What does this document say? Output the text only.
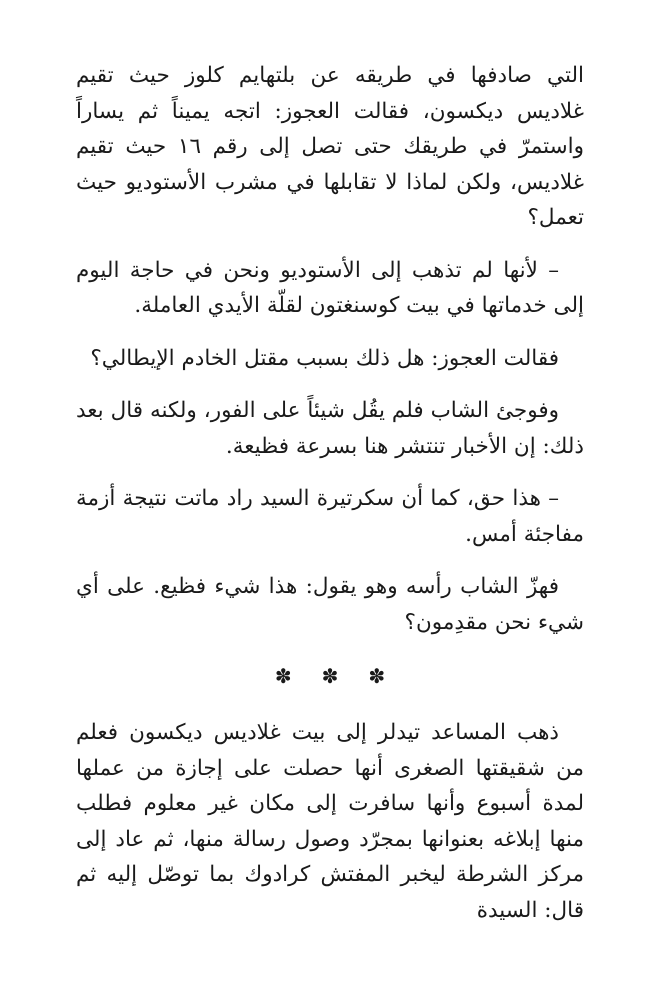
التي صادفها في طريقه عن بلتهايم كلوز حيث تقيم غلاديس ديكسون، فقالت العجوز: اتجه يميناً ثم يساراً واستمرّ في طريقك حتى تصل إلى رقم ١٦ حيث تقيم غلاديس، ولكن لماذا لا تقابلها في مشرب الأستوديو حيث تعمل؟

– لأنها لم تذهب إلى الأستوديو ونحن في حاجة اليوم إلى خدماتها في بيت كوسنغتون لقلّة الأيدي العاملة.

فقالت العجوز: هل ذلك بسبب مقتل الخادم الإيطالي؟

وفوجئ الشاب فلم يقُل شيئاً على الفور، ولكنه قال بعد ذلك: إن الأخبار تنتشر هنا بسرعة فظيعة.

– هذا حق، كما أن سكرتيرة السيد راد ماتت نتيجة أزمة مفاجئة أمس.

فهزّ الشاب رأسه وهو يقول: هذا شيء فظيع. على أي شيء نحن مقدِمون؟

✽ ✽ ✽

ذهب المساعد تيدلر إلى بيت غلاديس ديكسون فعلم من شقيقتها الصغرى أنها حصلت على إجازة من عملها لمدة أسبوع وأنها سافرت إلى مكان غير معلوم فطلب منها إبلاغه بعنوانها بمجرّد وصول رسالة منها، ثم عاد إلى مركز الشرطة ليخبر المفتش كرادوك بما توصّل إليه ثم قال: السيدة
